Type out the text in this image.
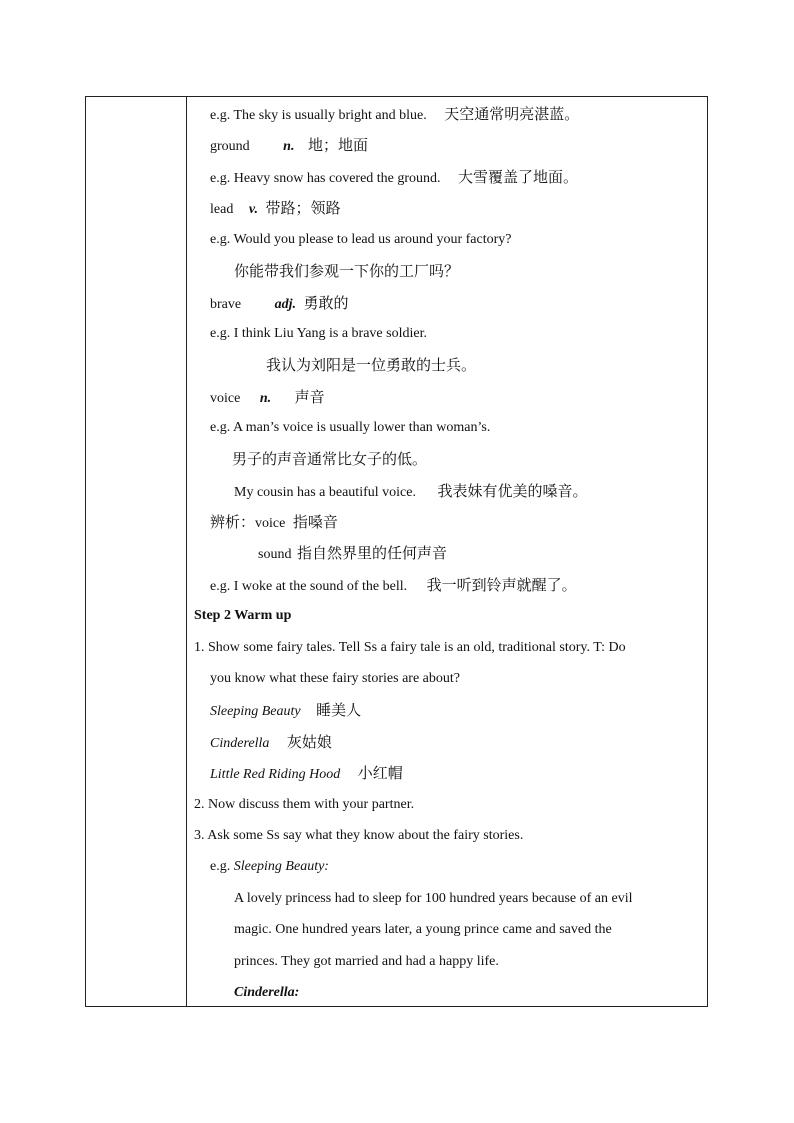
e.g. The sky is usually bright and blue. 天空通常明亮湛蓝。
ground n. 地；地面
e.g. Heavy snow has covered the ground. 大雪覆盖了地面。
lead v. 带路；领路
e.g. Would you please to lead us around your factory?
你能带我们参观一下你的工厂吗？
brave adj. 勇敢的
e.g. I think Liu Yang is a brave soldier.
我认为刘阳是一位勇敢的士兵。
voice n. 声音
e.g. A man’s voice is usually lower than woman’s.
男子的声音通常比女子的低。
My cousin has a beautiful voice. 我表妹有优美的嗓音。
辨析：voice 指嗓音
sound 指自然界里的任何声音
e.g. I woke at the sound of the bell. 我一听到铃声就醒了。
Step 2 Warm up
1. Show some fairy tales. Tell Ss a fairy tale is an old, traditional story. T: Do
you know what these fairy stories are about?
Sleeping Beauty 睡美人
Cinderella 灰姑娘
Little Red Riding Hood 小红帽
2. Now discuss them with your partner.
3. Ask some Ss say what they know about the fairy stories.
e.g. Sleeping Beauty:
A lovely princess had to sleep for 100 hundred years because of an evil
magic. One hundred years later, a young prince came and saved the
princes. They got married and had a happy life.
Cinderella:
